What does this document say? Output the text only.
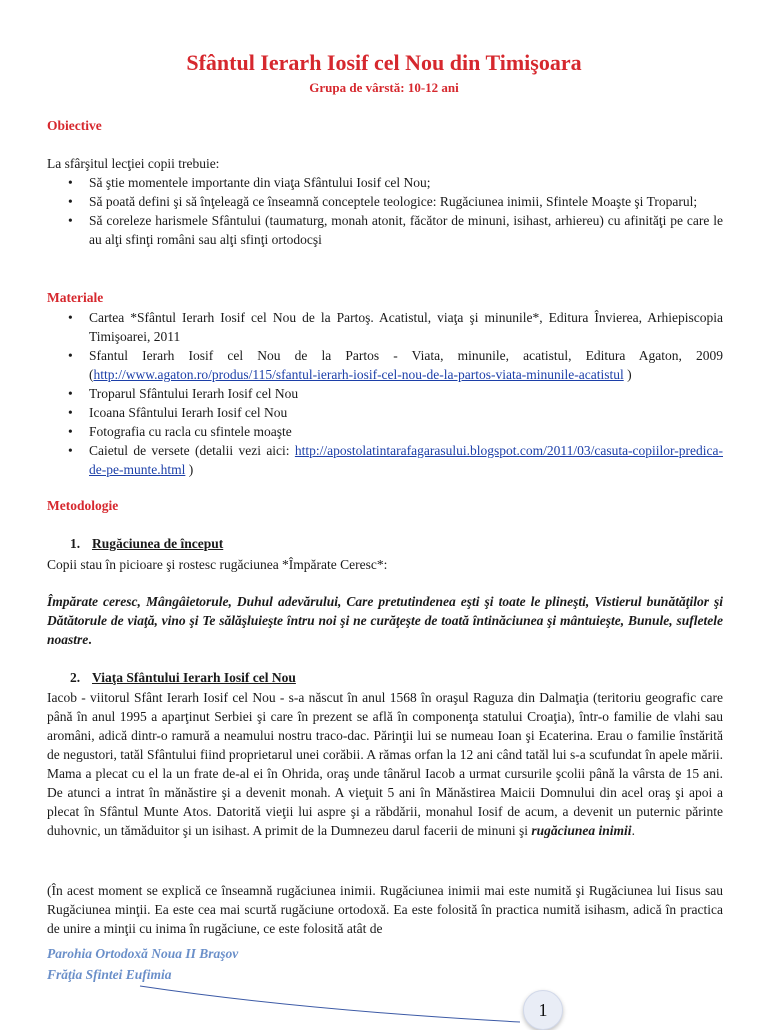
Sfântul Ierarh Iosif cel Nou din Timişoara
Grupa de vârstă: 10-12 ani
Obiective
La sfârşitul lecţiei copii trebuie:
• Să ştie momentele importante din viaţa Sfântului Iosif cel Nou;
• Să poată defini şi să înţeleagă ce înseamnă conceptele teologice: Rugăciunea inimii, Sfintele Moaşte şi Troparul;
• Să coreleze harismele Sfântului (taumaturg, monah atonit, făcător de minuni, isihast, arhiereu) cu afinităţi pe care le au alţi sfinţi români sau alţi sfinţi ortodocşi
Materiale
• Cartea *Sfântul Ierarh Iosif cel Nou de la Partoş. Acatistul, viaţa şi minunile*, Editura Învierea, Arhiepiscopia Timişoarei, 2011
• Sfantul Ierarh Iosif cel Nou de la Partos - Viata, minunile, acatistul, Editura Agaton, 2009 (http://www.agaton.ro/produs/115/sfantul-ierarh-iosif-cel-nou-de-la-partos-viata-minunile-acatistul )
• Troparul Sfântului Ierarh Iosif cel Nou
• Icoana Sfântului Ierarh Iosif cel Nou
• Fotografia cu racla cu sfintele moaşte
• Caietul de versete (detalii vezi aici: http://apostolatintarafagarasului.blogspot.com/2011/03/casuta-copiilor-predica-de-pe-munte.html )
Metodologie
1. Rugăciunea de început
Copii stau în picioare şi rostesc rugăciunea *Împărate Ceresc*:
Împărate ceresc, Mângâietorule, Duhul adevărului, Care pretutindenea eşti şi toate le plineşti, Vistierul bunătăţilor şi Dătătorule de viaţă, vino şi Te sălăşluieşte întru noi şi ne curăţeşte de toată întinăciunea şi mântuieşte, Bunule, sufletele noastre.
2. Viaţa Sfântului Ierarh Iosif cel Nou
Iacob - viitorul Sfânt Ierarh Iosif cel Nou - s-a născut în anul 1568 în oraşul Raguza din Dalmaţia (teritoriu geografic care până în anul 1995 a aparţinut Serbiei şi care în prezent se află în componenţa statului Croaţia), într-o familie de vlahi sau aromâni, adică dintr-o ramură a neamului nostru traco-dac. Părinţii lui se numeau Ioan şi Ecaterina. Erau o familie înstărită de negustori, tatăl Sfântului fiind proprietarul unei corăbii. A rămas orfan la 12 ani când tatăl lui s-a scufundat în apele mării. Mama a plecat cu el la un frate de-al ei în Ohrida, oraş unde tânărul Iacob a urmat cursurile şcolii până la vârsta de 15 ani. De atunci a intrat în mănăstire şi a devenit monah. A vieţuit 5 ani în Mănăstirea Maicii Domnului din acel oraş şi apoi a plecat în Sfântul Munte Atos. Datorită vieţii lui aspre şi a răbdării, monahul Iosif de acum, a devenit un puternic părinte duhovnic, un tămăduitor şi un isihast. A primit de la Dumnezeu darul facerii de minuni şi rugăciunea inimii.
(În acest moment se explică ce înseamnă rugăciunea inimii. Rugăciunea inimii mai este numită şi Rugăciunea lui Iisus sau Rugăciunea minţii. Ea este cea mai scurtă rugăciune ortodoxă. Ea este folosită în practica numită isihasm, adică în practica de unire a minţii cu inima în rugăciune, ce este folosită atât de
Parohia Ortodoxă Noua II Braşov
Frăţia Sfintei Eufimia
1
